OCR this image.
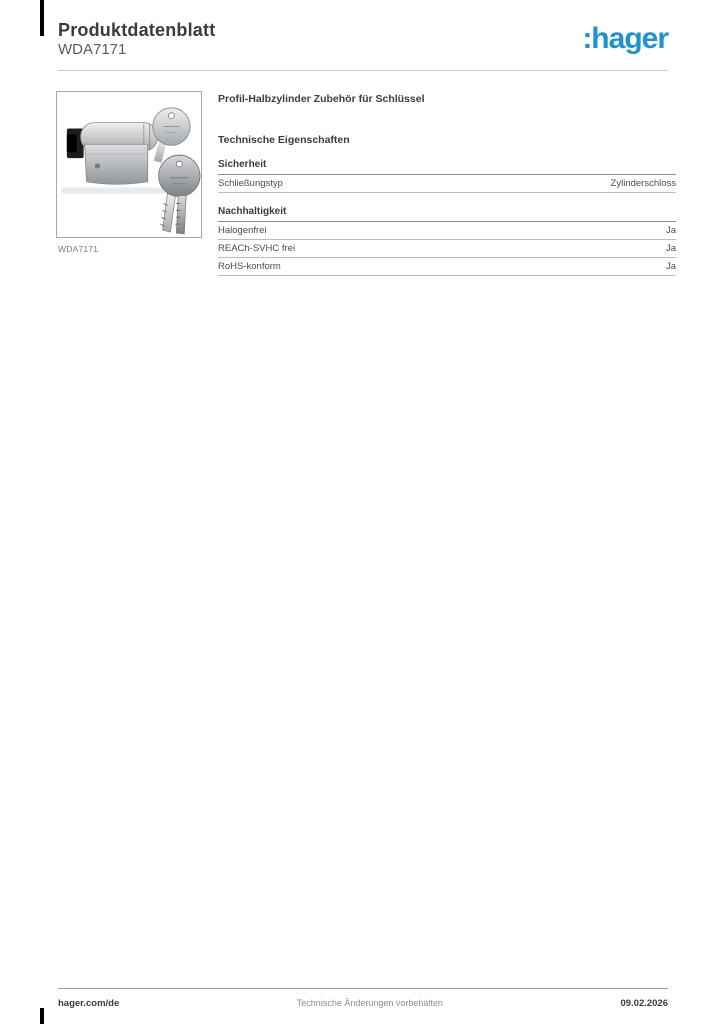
Produktdatenblatt
WDA7171	:hager
WDA7171
Profil-Halbzylinder Zubehör für Schlüssel
Technische Eigenschaften
Sicherheit
Schließungstyp	Zylinderschloss
Nachhaltigkeit
Halogenfrei	Ja
REACh-SVHC frei	Ja
RoHS-konform	Ja
hager.com/de	Technische Änderungen vorbehalten	09.02.2026
